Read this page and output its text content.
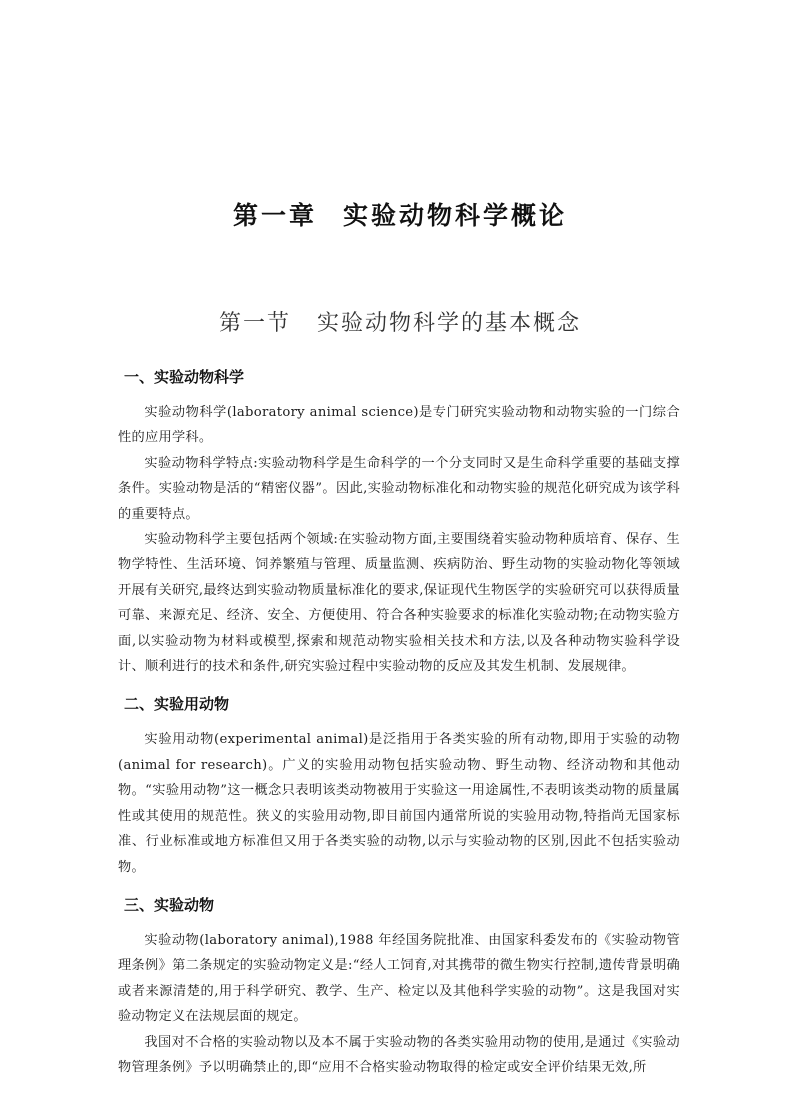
第一章 实验动物科学概论
第一节 实验动物科学的基本概念
一、实验动物科学

实验动物科学(laboratory animal science)是专门研究实验动物和动物实验的一门综合性的应用学科。

实验动物科学特点:实验动物科学是生命科学的一个分支同时又是生命科学重要的基础支撑条件。实验动物是活的“精密仪器”。因此,实验动物标准化和动物实验的规范化研究成为该学科的重要特点。

实验动物科学主要包括两个领域:在实验动物方面,主要围绕着实验动物种质培育、保存、生物学特性、生活环境、饲养繁殖与管理、质量监测、疾病防治、野生动物的实验动物化等领域开展有关研究,最终达到实验动物质量标准化的要求,保证现代生物医学的实验研究可以获得质量可靠、来源充足、经济、安全、方便使用、符合各种实验要求的标准化实验动物;在动物实验方面,以实验动物为材料或模型,探索和规范动物实验相关技术和方法,以及各种动物实验科学设计、顺利进行的技术和条件,研究实验过程中实验动物的反应及其发生机制、发展规律。

二、实验用动物

实验用动物(experimental animal)是泛指用于各类实验的所有动物,即用于实验的动物(animal for research)。广义的实验用动物包括实验动物、野生动物、经济动物和其他动物。“实验用动物”这一概念只表明该类动物被用于实验这一用途属性,不表明该类动物的质量属性或其使用的规范性。狭义的实验用动物,即目前国内通常所说的实验用动物,特指尚无国家标准、行业标准或地方标准但又用于各类实验的动物,以示与实验动物的区别,因此不包括实验动物。

三、实验动物

实验动物(laboratory animal),1988 年经国务院批准、由国家科委发布的《实验动物管理条例》第二条规定的实验动物定义是:“经人工饲育,对其携带的微生物实行控制,遗传背景明确或者来源清楚的,用于科学研究、教学、生产、检定以及其他科学实验的动物”。这是我国对实验动物定义在法规层面的规定。

我国对不合格的实验动物以及本不属于实验动物的各类实验用动物的使用,是通过《实验动物管理条例》予以明确禁止的,即“应用不合格实验动物取得的检定或安全评价结果无效,所
